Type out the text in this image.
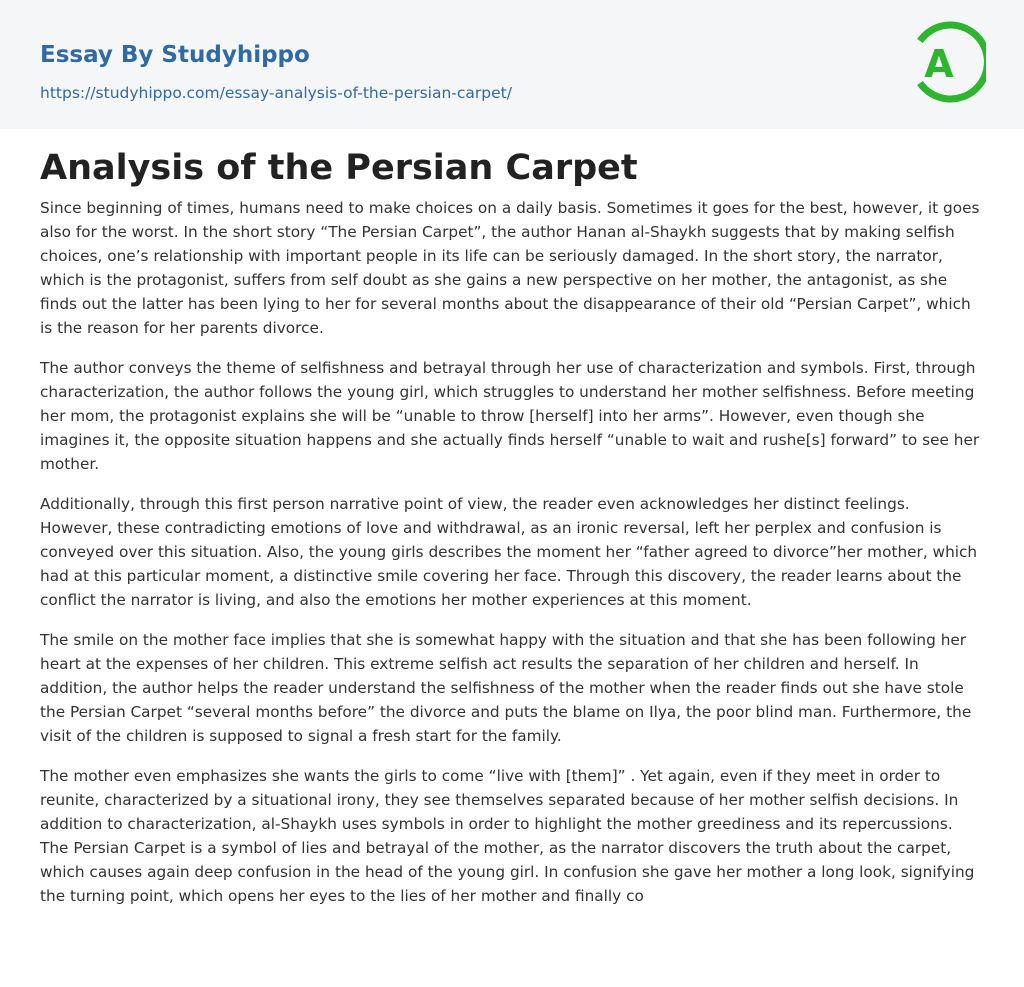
Essay By Studyhippo
https://studyhippo.com/essay-analysis-of-the-persian-carpet/
A
Analysis of the Persian Carpet

Since beginning of times, humans need to make choices on a daily basis. Sometimes it goes for the best, however, it goes also for the worst. In the short story “The Persian Carpet”, the author Hanan al-Shaykh suggests that by making selfish choices, one’s relationship with important people in its life can be seriously damaged. In the short story, the narrator, which is the protagonist, suffers from self doubt as she gains a new perspective on her mother, the antagonist, as she finds out the latter has been lying to her for several months about the disappearance of their old “Persian Carpet”, which is the reason for her parents divorce.

The author conveys the theme of selfishness and betrayal through her use of characterization and symbols. First, through characterization, the author follows the young girl, which struggles to understand her mother selfishness. Before meeting her mom, the protagonist explains she will be “unable to throw [herself] into her arms”. However, even though she imagines it, the opposite situation happens and she actually finds herself “unable to wait and rushe[s] forward” to see her mother.

Additionally, through this first person narrative point of view, the reader even acknowledges her distinct feelings. However, these contradicting emotions of love and withdrawal, as an ironic reversal, left her perplex and confusion is conveyed over this situation. Also, the young girls describes the moment her “father agreed to divorce”her mother, which had at this particular moment, a distinctive smile covering her face. Through this discovery, the reader learns about the conflict the narrator is living, and also the emotions her mother experiences at this moment.

The smile on the mother face implies that she is somewhat happy with the situation and that she has been following her heart at the expenses of her children. This extreme selfish act results the separation of her children and herself. In addition, the author helps the reader understand the selfishness of the mother when the reader finds out she have stole the Persian Carpet “several months before” the divorce and puts the blame on Ilya, the poor blind man. Furthermore, the visit of the children is supposed to signal a fresh start for the family.

The mother even emphasizes she wants the girls to come “live with [them]” . Yet again, even if they meet in order to reunite, characterized by a situational irony, they see themselves separated because of her mother selfish decisions. In addition to characterization, al-Shaykh uses symbols in order to highlight the mother greediness and its repercussions. The Persian Carpet is a symbol of lies and betrayal of the mother, as the narrator discovers the truth about the carpet, which causes again deep confusion in the head of the young girl. In confusion she gave her mother a long look, signifying the turning point, which opens her eyes to the lies of her mother and finally co
